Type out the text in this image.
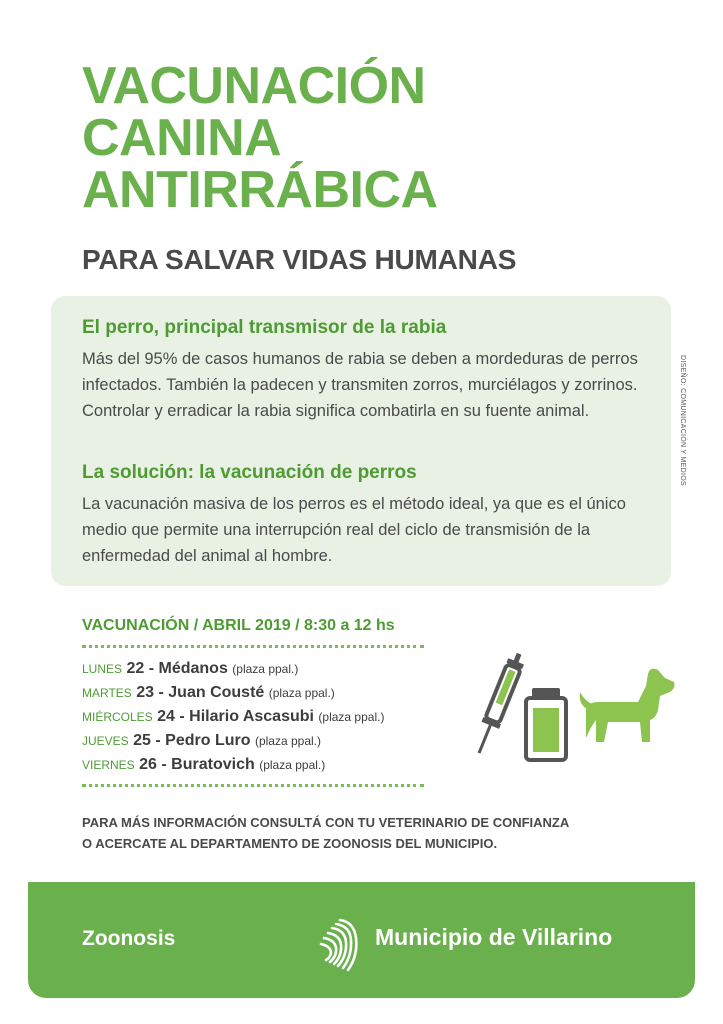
VACUNACIÓN
CANINA
ANTIRRÁBICA
PARA SALVAR VIDAS HUMANAS
El perro, principal transmisor de la rabia

Más del 95% de casos humanos de rabia se deben a mordeduras de perros infectados. También la padecen y transmiten zorros, murciélagos y zorrinos. Controlar y erradicar la rabia significa combatirla en su fuente animal.

La solución: la vacunación de perros

La vacunación masiva de los perros es el método ideal, ya que es el único medio que permite una interrupción real del ciclo de transmisión de la enfermedad del animal al hombre.

DISEÑO: COMUNICACIÓN Y MEDIOS
VACUNACIÓN / ABRIL 2019 / 8:30 a 12 hs
LUNES 22 - Médanos (plaza ppal.)
MARTES 23 - Juan Cousté (plaza ppal.)
MIÉRCOLES 24 - Hilario Ascasubi (plaza ppal.)
JUEVES 25 - Pedro Luro (plaza ppal.)
VIERNES 26 - Buratovich (plaza ppal.)

PARA MÁS INFORMACIÓN CONSULTÁ CON TU VETERINARIO DE CONFIANZA
O ACERCATE AL DEPARTAMENTO DE ZOONOSIS DEL MUNICIPIO.

Zoonosis	Municipio de Villarino
